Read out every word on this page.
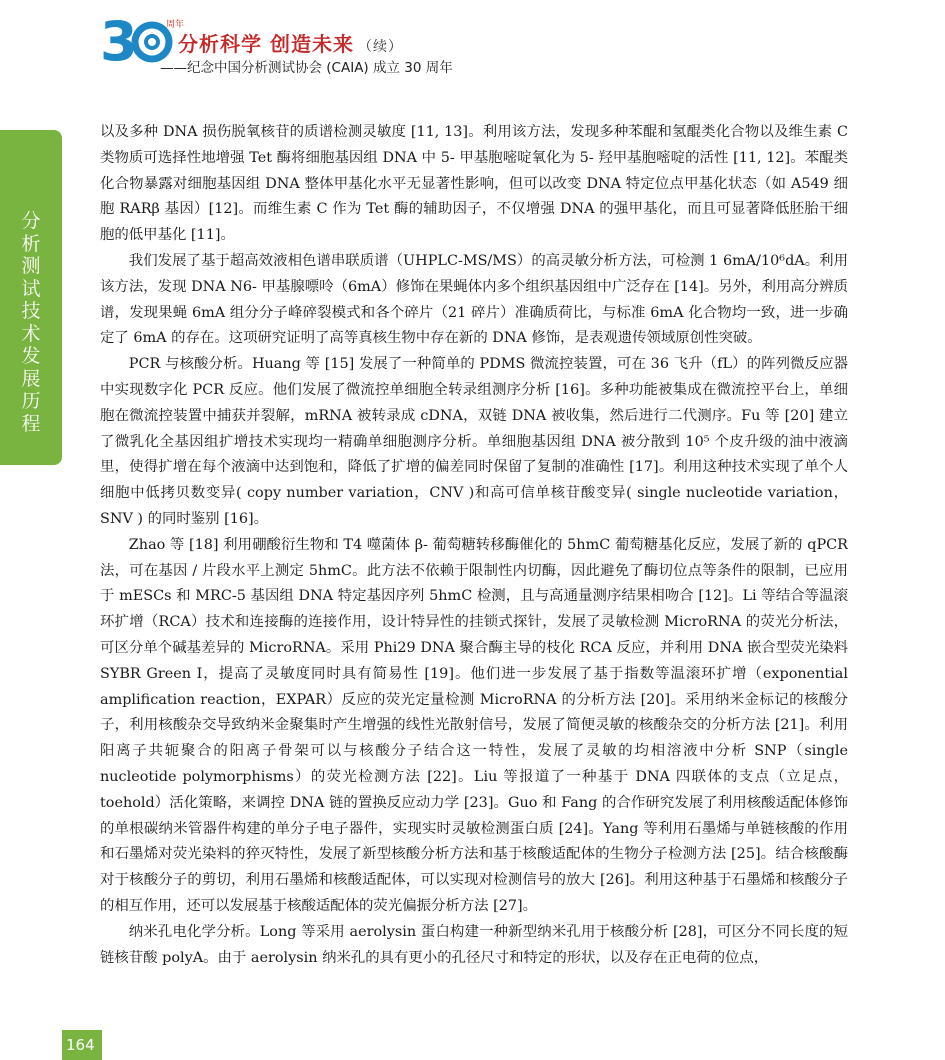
3	周年
分析科学 创造未来 （续）
——纪念中国分析测试协会 (CAIA) 成立 30 周年
分析测试技术发展历程

以及多种 DNA 损伤脱氧核苷的质谱检测灵敏度 [11, 13]。利用该方法，发现多种苯醌和氢醌类化合物以及维生素 C 类物质可选择性地增强 Tet 酶将细胞基因组 DNA 中 5- 甲基胞嘧啶氧化为 5- 羟甲基胞嘧啶的活性 [11, 12]。苯醌类化合物暴露对细胞基因组 DNA 整体甲基化水平无显著性影响，但可以改变 DNA 特定位点甲基化状态（如 A549 细胞 RARβ 基因）[12]。而维生素 C 作为 Tet 酶的辅助因子，不仅增强 DNA 的强甲基化，而且可显著降低胚胎干细胞的低甲基化 [11]。

我们发展了基于超高效液相色谱串联质谱（UHPLC-MS/MS）的高灵敏分析方法，可检测 1 6mA/10⁶dA。利用该方法，发现 DNA N6- 甲基腺嘌呤（6mA）修饰在果蝇体内多个组织基因组中广泛存在 [14]。另外，利用高分辨质谱，发现果蝇 6mA 组分分子峰碎裂模式和各个碎片（21 碎片）准确质荷比，与标准 6mA 化合物均一致，进一步确定了 6mA 的存在。这项研究证明了高等真核生物中存在新的 DNA 修饰，是表观遗传领域原创性突破。

PCR 与核酸分析。Huang 等 [15] 发展了一种简单的 PDMS 微流控装置，可在 36 飞升（fL）的阵列微反应器中实现数字化 PCR 反应。他们发展了微流控单细胞全转录组测序分析 [16]。多种功能被集成在微流控平台上，单细胞在微流控装置中捕获并裂解，mRNA 被转录成 cDNA，双链 DNA 被收集，然后进行二代测序。Fu 等 [20] 建立了微乳化全基因组扩增技术实现均一精确单细胞测序分析。单细胞基因组 DNA 被分散到 10⁵ 个皮升级的油中液滴里，使得扩增在每个液滴中达到饱和，降低了扩增的偏差同时保留了复制的准确性 [17]。利用这种技术实现了单个人细胞中低拷贝数变异( copy number variation，CNV )和高可信单核苷酸变异( single nucleotide variation，SNV ) 的同时鉴别 [16]。

Zhao 等 [18] 利用硼酸衍生物和 T4 噬菌体 β- 葡萄糖转移酶催化的 5hmC 葡萄糖基化反应，发展了新的 qPCR 法，可在基因 / 片段水平上测定 5hmC。此方法不依赖于限制性内切酶，因此避免了酶切位点等条件的限制，已应用于 mESCs 和 MRC-5 基因组 DNA 特定基因序列 5hmC 检测，且与高通量测序结果相吻合 [12]。Li 等结合等温滚环扩增（RCA）技术和连接酶的连接作用，设计特异性的挂锁式探针，发展了灵敏检测 MicroRNA 的荧光分析法，可区分单个碱基差异的 MicroRNA。采用 Phi29 DNA 聚合酶主导的枝化 RCA 反应，并利用 DNA 嵌合型荧光染料 SYBR Green I，提高了灵敏度同时具有简易性 [19]。他们进一步发展了基于指数等温滚环扩增（exponential amplification reaction，EXPAR）反应的荧光定量检测 MicroRNA 的分析方法 [20]。采用纳米金标记的核酸分子，利用核酸杂交导致纳米金聚集时产生增强的线性光散射信号，发展了简便灵敏的核酸杂交的分析方法 [21]。利用阳离子共轭聚合的阳离子骨架可以与核酸分子结合这一特性，发展了灵敏的均相溶液中分析 SNP（single nucleotide polymorphisms）的荧光检测方法 [22]。Liu 等报道了一种基于 DNA 四联体的支点（立足点，toehold）活化策略，来调控 DNA 链的置换反应动力学 [23]。Guo 和 Fang 的合作研究发展了利用核酸适配体修饰的单根碳纳米管器件构建的单分子电子器件，实现实时灵敏检测蛋白质 [24]。Yang 等利用石墨烯与单链核酸的作用和石墨烯对荧光染料的猝灭特性，发展了新型核酸分析方法和基于核酸适配体的生物分子检测方法 [25]。结合核酸酶对于核酸分子的剪切，利用石墨烯和核酸适配体，可以实现对检测信号的放大 [26]。利用这种基于石墨烯和核酸分子的相互作用，还可以发展基于核酸适配体的荧光偏振分析方法 [27]。

纳米孔电化学分析。Long 等采用 aerolysin 蛋白构建一种新型纳米孔用于核酸分析 [28]，可区分不同长度的短链核苷酸 polyA。由于 aerolysin 纳米孔的具有更小的孔径尺寸和特定的形状，以及存在正电荷的位点，

164
